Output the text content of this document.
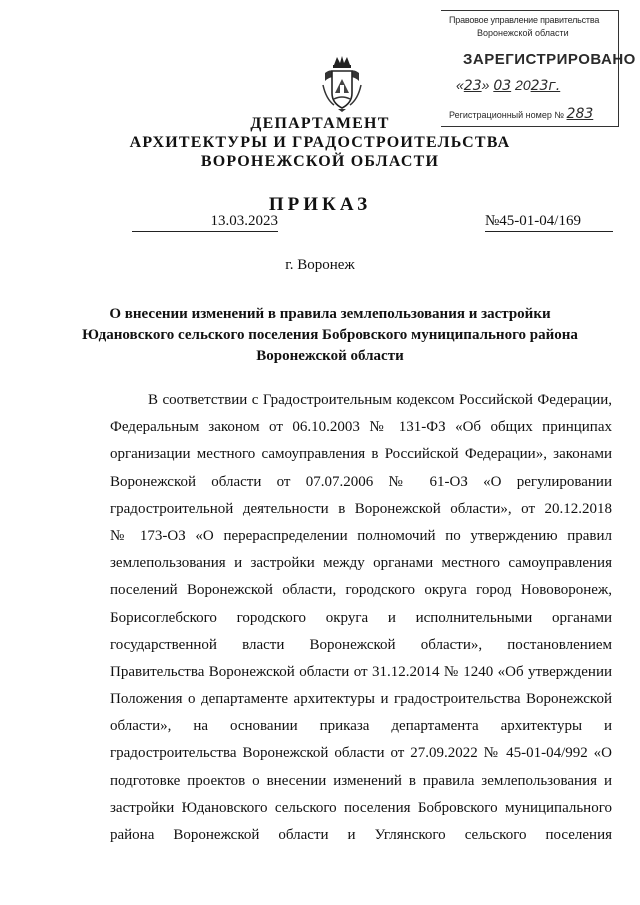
Правовое управление правительства
Воронежской области
ЗАРЕГИСТРИРОВАНО
«23» 03 2023г.
Регистрационный номер № 283
ДЕПАРТАМЕНТ
АРХИТЕКТУРЫ И ГРАДОСТРОИТЕЛЬСТВА
ВОРОНЕЖСКОЙ ОБЛАСТИ
ПРИКАЗ
13.03.2023	№45-01-04/169
г. Воронеж
О внесении изменений в правила землепользования и застройки
Юдановского сельского поселения Бобровского муниципального района
Воронежской области
В соответствии с Градостроительным кодексом Российской Федерации,
Федеральным законом от 06.10.2003 № 131-ФЗ «Об общих принципах
организации местного самоуправления в Российской Федерации», законами
Воронежской области от 07.07.2006 № 61-ОЗ «О регулировании
градостроительной деятельности в Воронежской области», от 20.12.2018
№ 173-ОЗ «О перераспределении полномочий по утверждению правил
землепользования и застройки между органами местного самоуправления
поселений Воронежской области, городского округа город Нововоронеж,
Борисоглебского городского округа и исполнительными органами
государственной власти Воронежской области», постановлением
Правительства Воронежской области от 31.12.2014 № 1240 «Об утверждении
Положения о департаменте архитектуры и градостроительства Воронежской
области», на основании приказа департамента архитектуры и
градостроительства Воронежской области от 27.09.2022 № 45-01-04/992 «О
подготовке проектов о внесении изменений в правила землепользования и
застройки Юдановского сельского поселения Бобровского муниципального
района Воронежской области и Углянского сельского поселения
